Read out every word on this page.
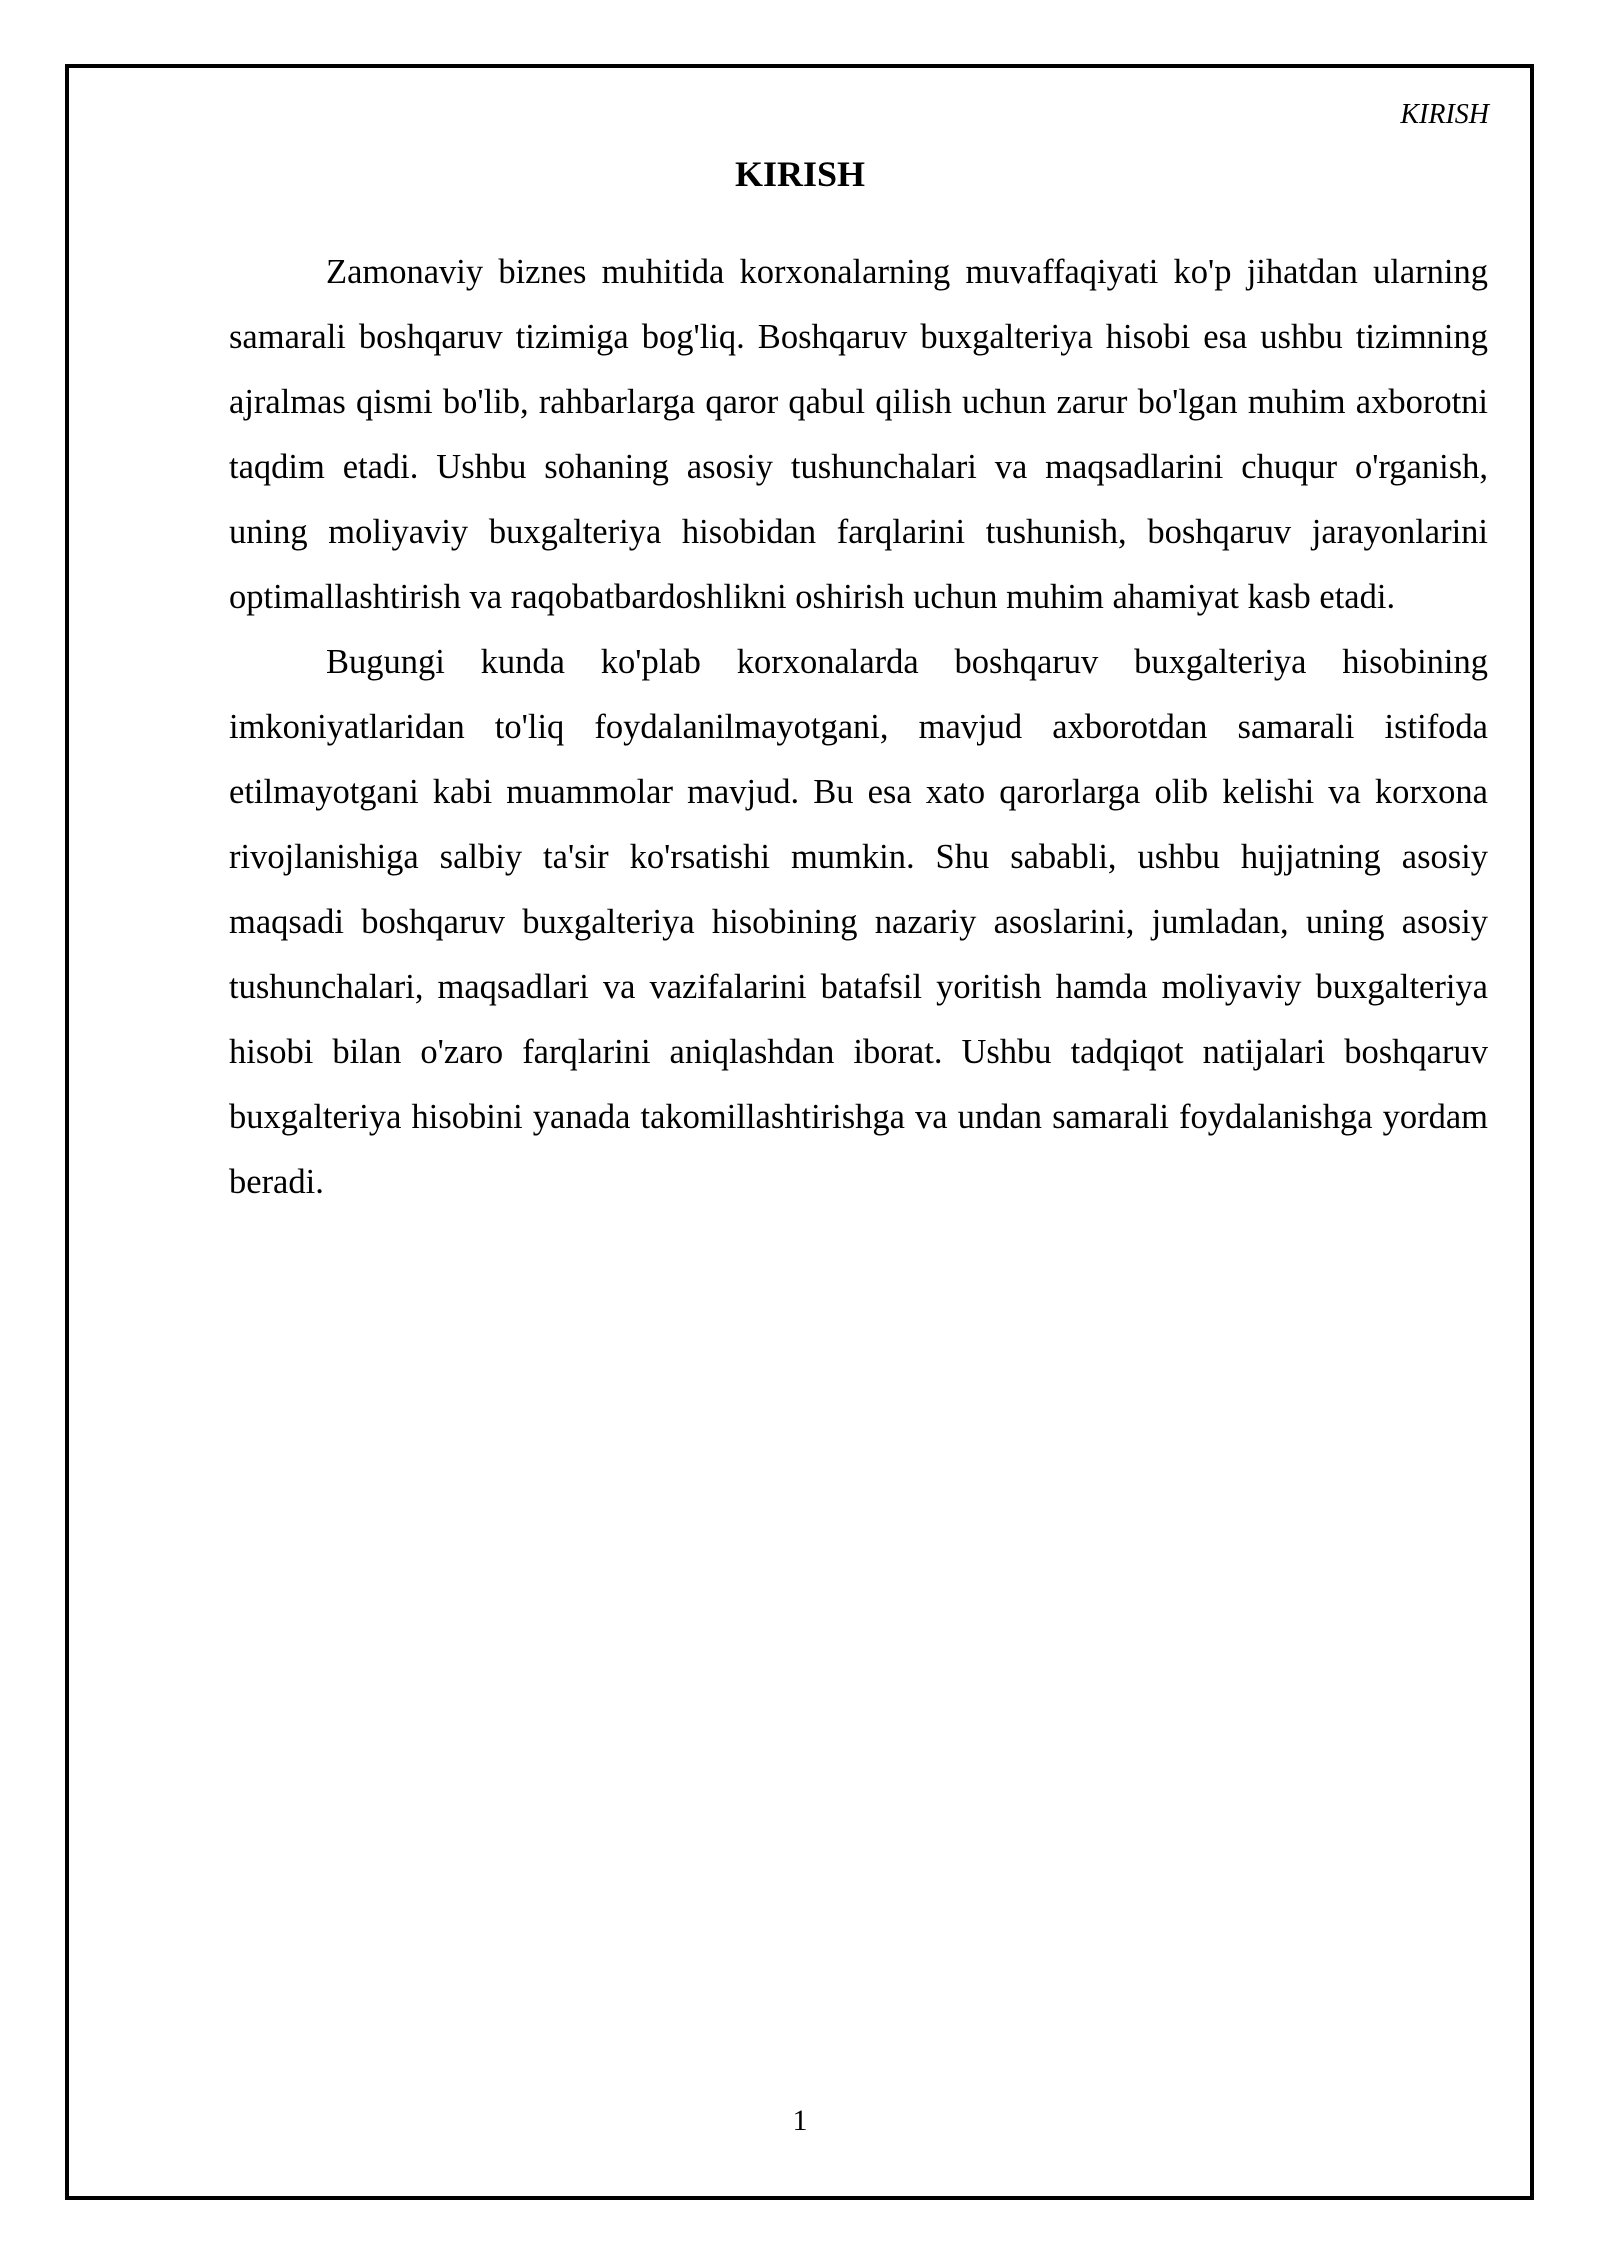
KIRISH

KIRISH

Zamonaviy biznes muhitida korxonalarning muvaffaqiyati ko'p jihatdan ularning samarali boshqaruv tizimiga bog'liq. Boshqaruv buxgalteriya hisobi esa ushbu tizimning ajralmas qismi bo'lib, rahbarlarga qaror qabul qilish uchun zarur bo'lgan muhim axborotni taqdim etadi. Ushbu sohaning asosiy tushunchalari va maqsadlarini chuqur o'rganish, uning moliyaviy buxgalteriya hisobidan farqlarini tushunish, boshqaruv jarayonlarini optimallashtirish va raqobatbardoshlikni oshirish uchun muhim ahamiyat kasb etadi.

Bugungi kunda ko'plab korxonalarda boshqaruv buxgalteriya hisobining imkoniyatlaridan to'liq foydalanilmayotgani, mavjud axborotdan samarali istifoda etilmayotgani kabi muammolar mavjud. Bu esa xato qarorlarga olib kelishi va korxona rivojlanishiga salbiy ta'sir ko'rsatishi mumkin. Shu sababli, ushbu hujjatning asosiy maqsadi boshqaruv buxgalteriya hisobining nazariy asoslarini, jumladan, uning asosiy tushunchalari, maqsadlari va vazifalarini batafsil yoritish hamda moliyaviy buxgalteriya hisobi bilan o'zaro farqlarini aniqlashdan iborat. Ushbu tadqiqot natijalari boshqaruv buxgalteriya hisobini yanada takomillashtirishga va undan samarali foydalanishga yordam beradi.

1
